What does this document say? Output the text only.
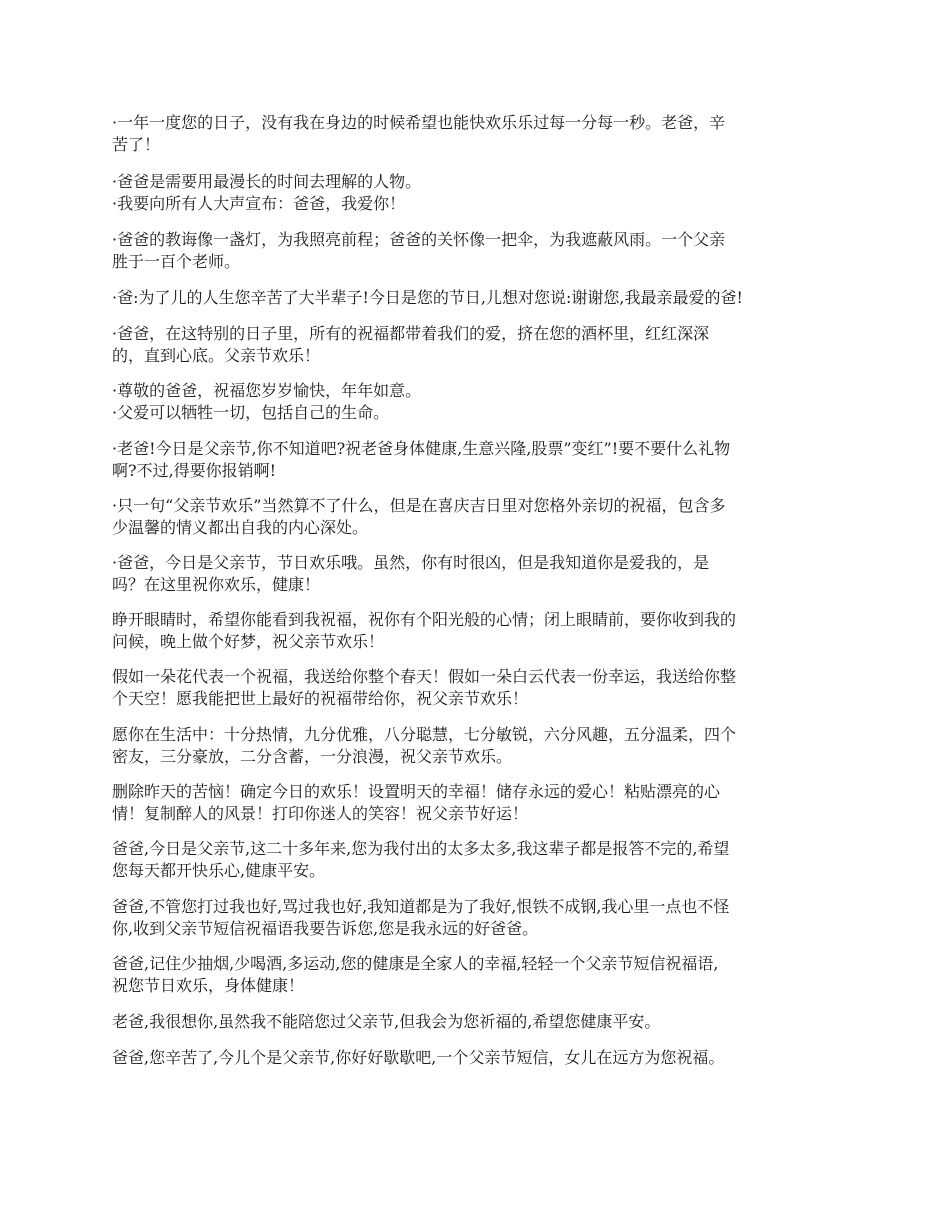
·一年一度您的日子，没有我在身边的时候希望也能快欢乐乐过每一分每一秒。老爸，辛
苦了！
·爸爸是需要用最漫长的时间去理解的人物。
·我要向所有人大声宣布：爸爸，我爱你！
·爸爸的教诲像一盏灯，为我照亮前程；爸爸的关怀像一把伞，为我遮蔽风雨。一个父亲
胜于一百个老师。
·爸:为了儿的人生您辛苦了大半辈子!今日是您的节日,儿想对您说:谢谢您,我最亲最爱的爸!
·爸爸，在这特别的日子里，所有的祝福都带着我们的爱，挤在您的酒杯里，红红深深
的，直到心底。父亲节欢乐！
·尊敬的爸爸，祝福您岁岁愉快，年年如意。
·父爱可以牺牲一切，包括自己的生命。
·老爸!今日是父亲节,你不知道吧?祝老爸身体健康,生意兴隆,股票”变红”!要不要什么礼物
啊?不过,得要你报销啊!
·只一句“父亲节欢乐”当然算不了什么，但是在喜庆吉日里对您格外亲切的祝福，包含多
少温馨的情义都出自我的内心深处。
·爸爸，今日是父亲节，节日欢乐哦。虽然，你有时很凶，但是我知道你是爱我的，是
吗？在这里祝你欢乐，健康！
睁开眼睛时，希望你能看到我祝福，祝你有个阳光般的心情；闭上眼睛前，要你收到我的
问候，晚上做个好梦，祝父亲节欢乐！
假如一朵花代表一个祝福，我送给你整个春天！假如一朵白云代表一份幸运，我送给你整
个天空！愿我能把世上最好的祝福带给你，祝父亲节欢乐！
愿你在生活中：十分热情，九分优雅，八分聪慧，七分敏锐，六分风趣，五分温柔，四个
密友，三分豪放，二分含蓄，一分浪漫，祝父亲节欢乐。
删除昨天的苦恼！确定今日的欢乐！设置明天的幸福！储存永远的爱心！粘贴漂亮的心
情！复制醉人的风景！打印你迷人的笑容！祝父亲节好运！
爸爸,今日是父亲节,这二十多年来,您为我付出的太多太多,我这辈子都是报答不完的,希望
您每天都开快乐心,健康平安。
爸爸,不管您打过我也好,骂过我也好,我知道都是为了我好,恨铁不成钢,我心里一点也不怪
你,收到父亲节短信祝福语我要告诉您,您是我永远的好爸爸。
爸爸,记住少抽烟,少喝酒,多运动,您的健康是全家人的幸福,轻轻一个父亲节短信祝福语,
祝您节日欢乐，身体健康！
老爸,我很想你,虽然我不能陪您过父亲节,但我会为您祈福的,希望您健康平安。
爸爸,您辛苦了,今儿个是父亲节,你好好歇歇吧,一个父亲节短信，女儿在远方为您祝福。
